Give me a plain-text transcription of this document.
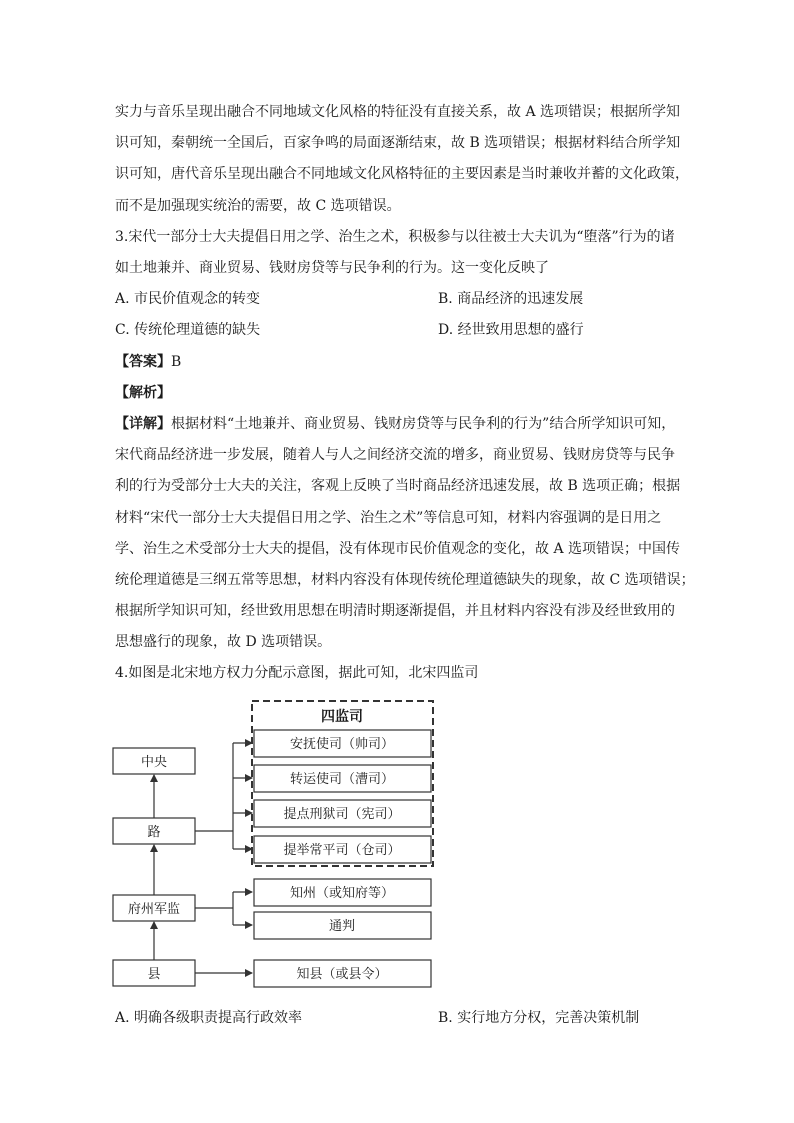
实力与音乐呈现出融合不同地域文化风格的特征没有直接关系，故 A 选项错误；根据所学知
识可知，秦朝统一全国后，百家争鸣的局面逐渐结束，故 B 选项错误；根据材料结合所学知
识可知，唐代音乐呈现出融合不同地域文化风格特征的主要因素是当时兼收并蓄的文化政策，
而不是加强现实统治的需要，故 C 选项错误。
3.宋代一部分士大夫提倡日用之学、治生之术，积极参与以往被士大夫讥为“堕落”行为的诸
如土地兼并、商业贸易、钱财房贷等与民争利的行为。这一变化反映了
A. 市民价值观念的转变	B. 商品经济的迅速发展
C. 传统伦理道德的缺失	D. 经世致用思想的盛行
【答案】B
【解析】
【详解】根据材料“土地兼并、商业贸易、钱财房贷等与民争利的行为”结合所学知识可知，
宋代商品经济进一步发展，随着人与人之间经济交流的增多，商业贸易、钱财房贷等与民争
利的行为受部分士大夫的关注，客观上反映了当时商品经济迅速发展，故 B 选项正确；根据
材料“宋代一部分士大夫提倡日用之学、治生之术”等信息可知，材料内容强调的是日用之
学、治生之术受部分士大夫的提倡，没有体现市民价值观念的变化，故 A 选项错误；中国传
统伦理道德是三纲五常等思想，材料内容没有体现传统伦理道德缺失的现象，故 C 选项错误；
根据所学知识可知，经世致用思想在明清时期逐渐提倡，并且材料内容没有涉及经世致用的
思想盛行的现象，故 D 选项错误。
4.如图是北宋地方权力分配示意图，据此可知，北宋四监司
四监司
中央
路
府州军监
县
安抚使司（帅司）
转运使司（漕司）
提点刑狱司（宪司）
提举常平司（仓司）
知州（或知府等）
通判
知县（或县令）
A. 明确各级职责提高行政效率	B. 实行地方分权，完善决策机制
